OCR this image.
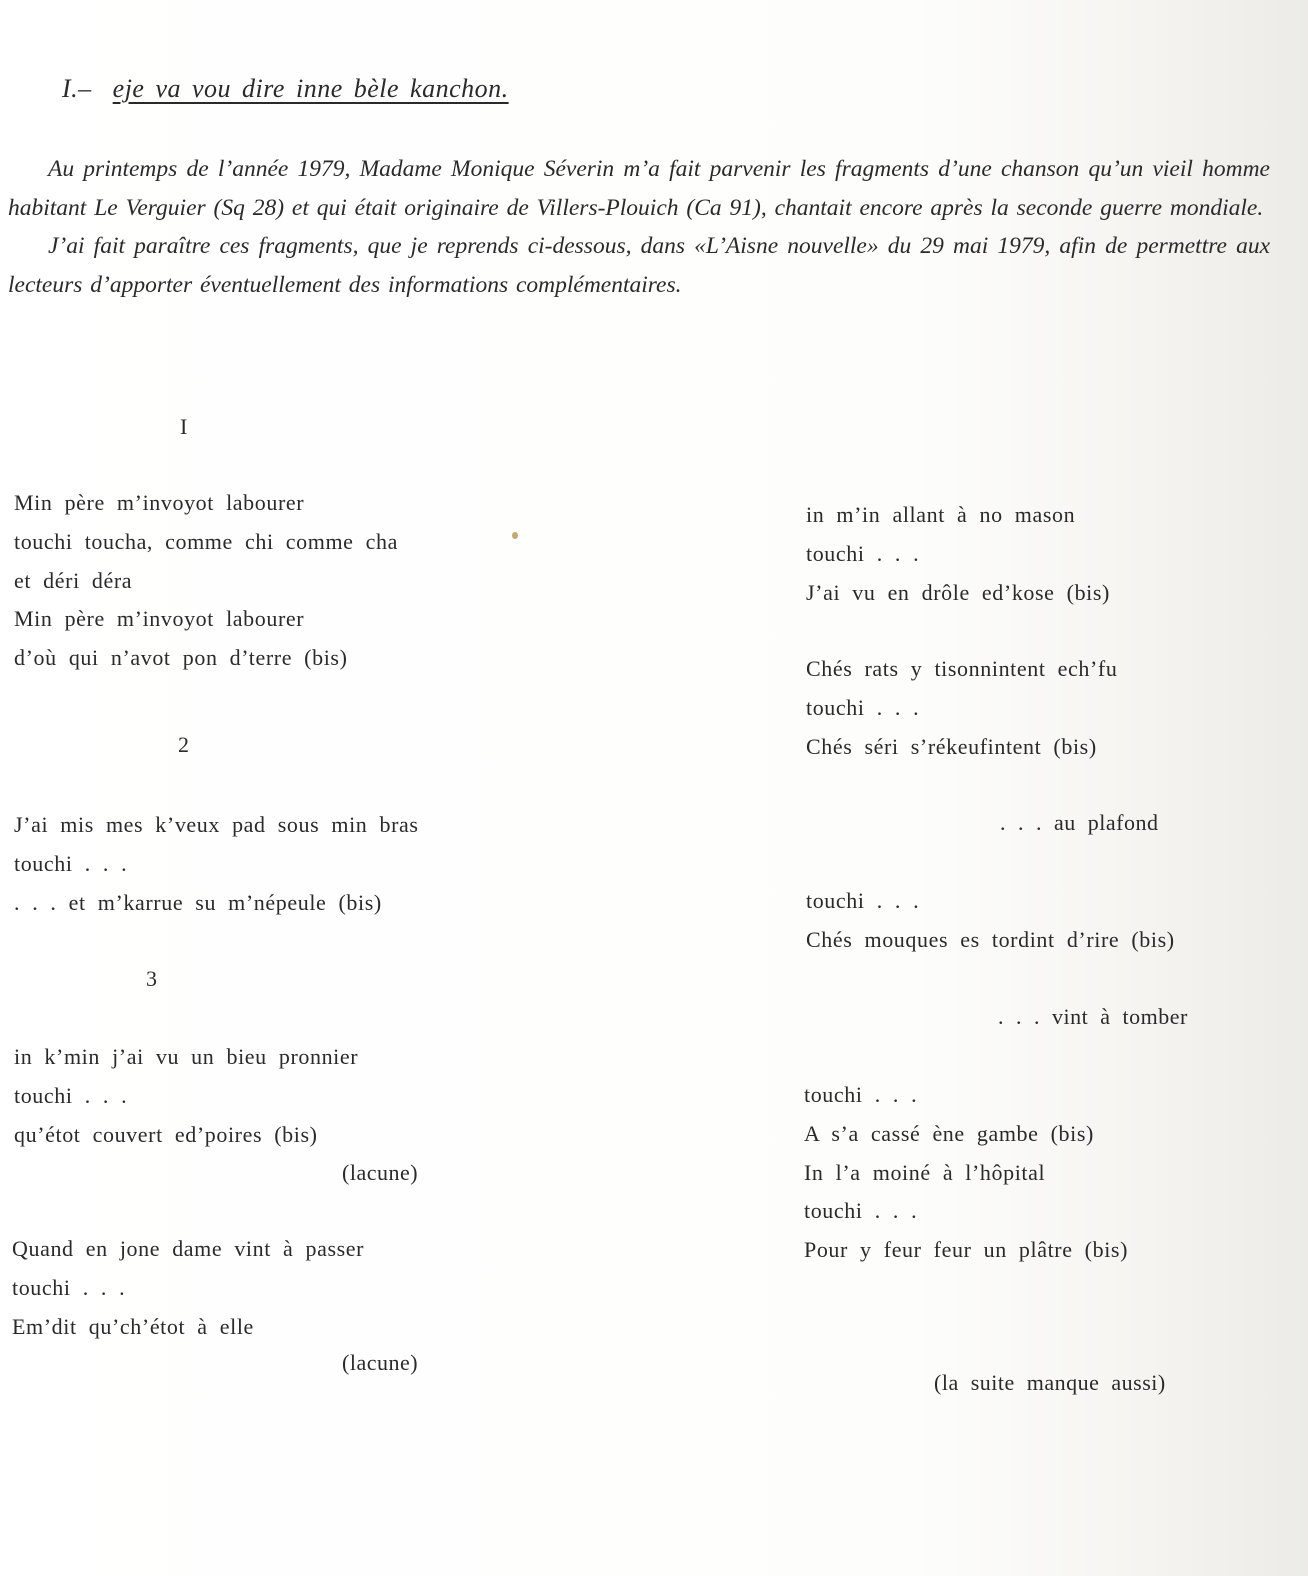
I.– eje va vou dire inne bèle kanchon.

Au printemps de l’année 1979, Madame Monique Séverin m’a fait parvenir les fragments d’une chanson qu’un vieil homme habitant Le Verguier (Sq 28) et qui était originaire de Villers-Plouich (Ca 91), chantait encore après la seconde guerre mondiale.

J’ai fait paraître ces fragments, que je reprends ci-dessous, dans «L’Aisne nouvelle» du 29 mai 1979, afin de permettre aux lecteurs d’apporter éventuellement des informations complémentaires.

I
Min père m’invoyot labourer
touchi toucha, comme chi comme cha
et déri déra
Min père m’invoyot labourer
d’où qui n’avot pon d’terre (bis)
2
J’ai mis mes k’veux pad sous min bras
touchi . . .
. . . et m’karrue su m’népeule (bis)
3
in k’min j’ai vu un bieu pronnier
touchi . . .
qu’étot couvert ed’poires (bis)
(lacune)
Quand en jone dame vint à passer
touchi . . .
Em’dit qu’ch’étot à elle
(lacune)
in m’in allant à no mason
touchi . . .
J’ai vu en drôle ed’kose (bis)
Chés rats y tisonnintent ech’fu
touchi . . .
Chés séri s’rékeufintent (bis)
. . . au plafond
touchi . . .
Chés mouques es tordint d’rire (bis)
. . . vint à tomber
touchi . . .
A s’a cassé ène gambe (bis)
In l’a moiné à l’hôpital
touchi . . .
Pour y feur feur un plâtre (bis)
(la suite manque aussi)
